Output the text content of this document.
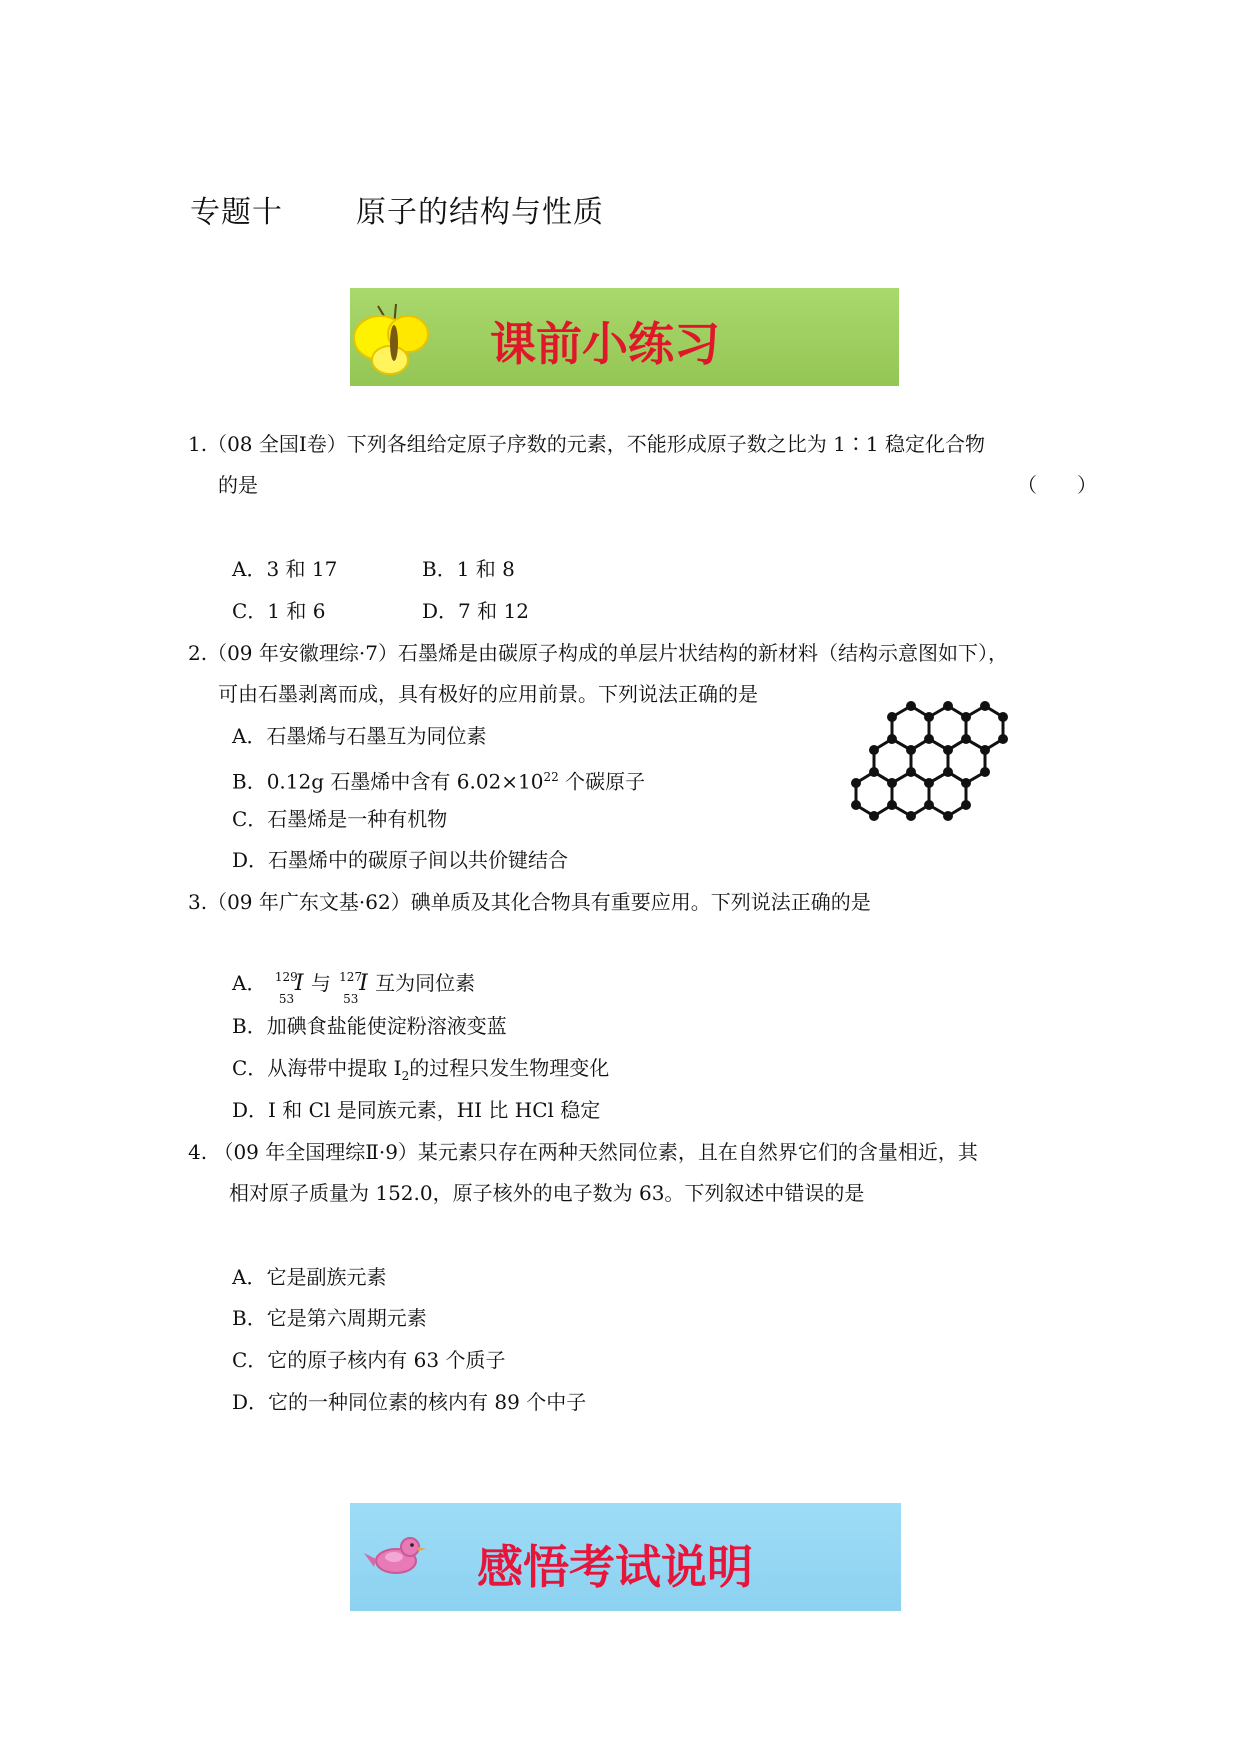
专题十 原子的结构与性质
课前小练习
1.（08 全国Ⅰ卷）下列各组给定原子序数的元素，不能形成原子数之比为 1∶1 稳定化合物
的是	（　　）
A．3 和 17	B．1 和 8
C．1 和 6	D．7 和 12
2.（09 年安徽理综·7）石墨烯是由碳原子构成的单层片状结构的新材料（结构示意图如下），
可由石墨剥离而成，具有极好的应用前景。下列说法正确的是
A．石墨烯与石墨互为同位素
B．0.12g 石墨烯中含有 $6.02\times 10^{22}$ 个碳原子
C．石墨烯是一种有机物
D．石墨烯中的碳原子间以共价键结合
3.（09 年广东文基·62）碘单质及其化合物具有重要应用。下列说法正确的是
A． 129
53
I 与 127
53
I 互为同位素
B．加碘食盐能使淀粉溶液变蓝
C．从海带中提取 $I_2$的过程只发生物理变化
D．I 和 Cl 是同族元素，HI 比 HCl 稳定
4. （09 年全国理综Ⅱ·9）某元素只存在两种天然同位素，且在自然界它们的含量相近，其
相对原子质量为 152.0，原子核外的电子数为 63。下列叙述中错误的是
A．它是副族元素
B．它是第六周期元素
C．它的原子核内有 63 个质子
D．它的一种同位素的核内有 89 个中子
感悟考试说明
